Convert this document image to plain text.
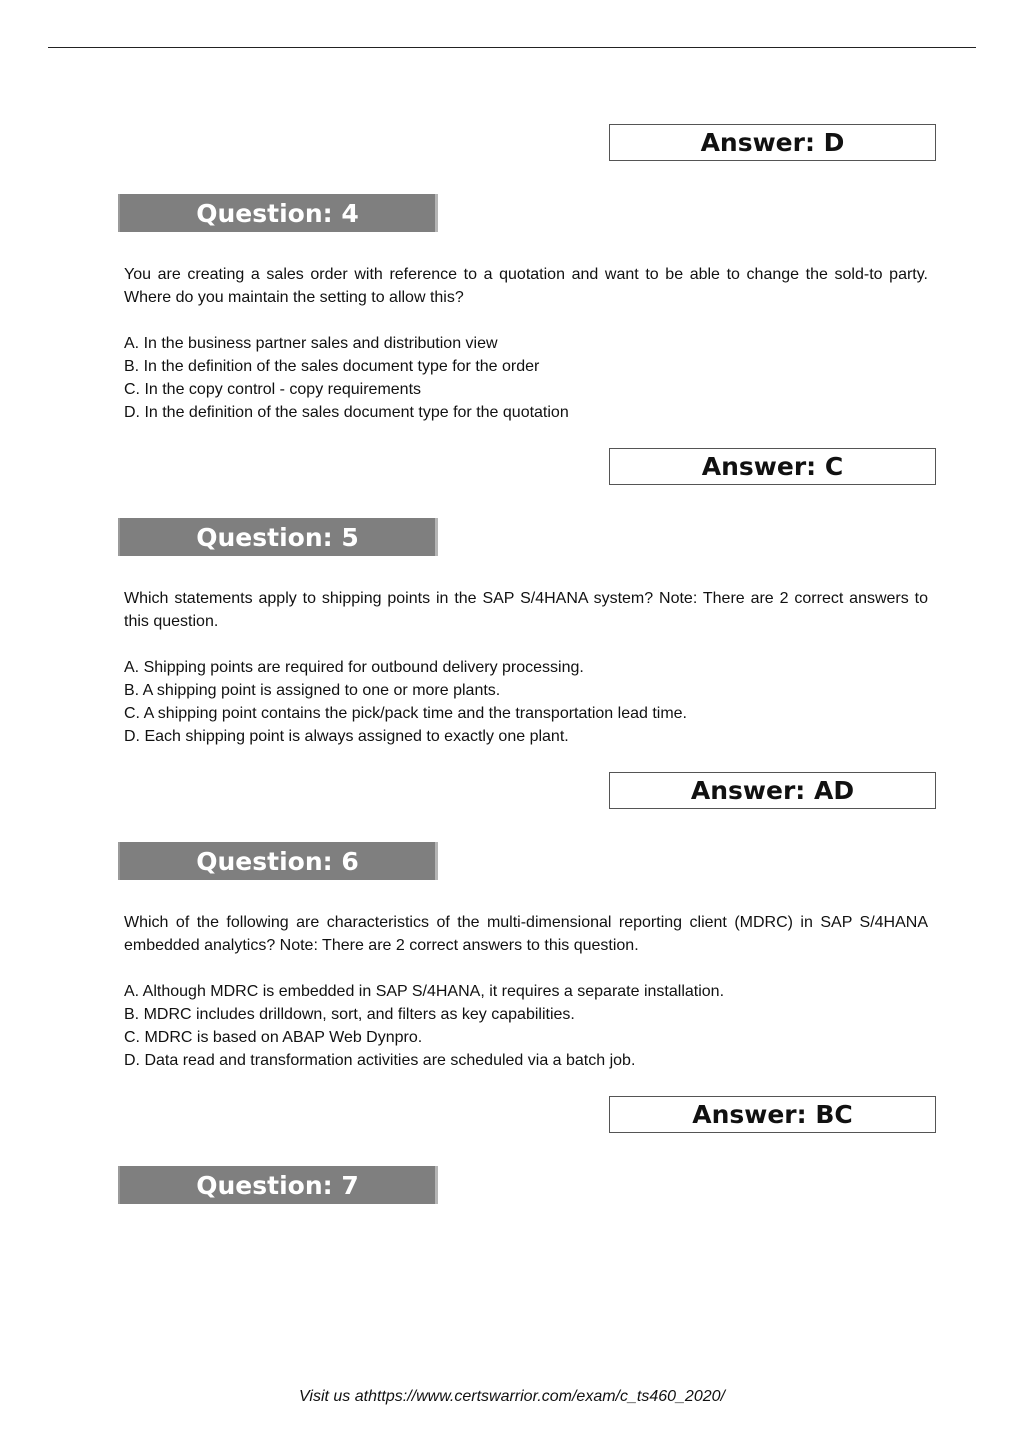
Answer: D
Question: 4
You are creating a sales order with reference to a quotation and want to be able to change the sold-to party. Where do you maintain the setting to allow this?
A. In the business partner sales and distribution view
B. In the definition of the sales document type for the order
C. In the copy control - copy requirements
D. In the definition of the sales document type for the quotation
Answer: C
Question: 5
Which statements apply to shipping points in the SAP S/4HANA system? Note: There are 2 correct answers to this question.
A. Shipping points are required for outbound delivery processing.
B. A shipping point is assigned to one or more plants.
C. A shipping point contains the pick/pack time and the transportation lead time.
D. Each shipping point is always assigned to exactly one plant.
Answer: AD
Question: 6
Which of the following are characteristics of the multi-dimensional reporting client (MDRC) in SAP S/4HANA embedded analytics? Note: There are 2 correct answers to this question.
A. Although MDRC is embedded in SAP S/4HANA, it requires a separate installation.
B. MDRC includes drilldown, sort, and filters as key capabilities.
C. MDRC is based on ABAP Web Dynpro.
D. Data read and transformation activities are scheduled via a batch job.
Answer: BC
Question: 7
Visit us athttps://www.certswarrior.com/exam/c_ts460_2020/
